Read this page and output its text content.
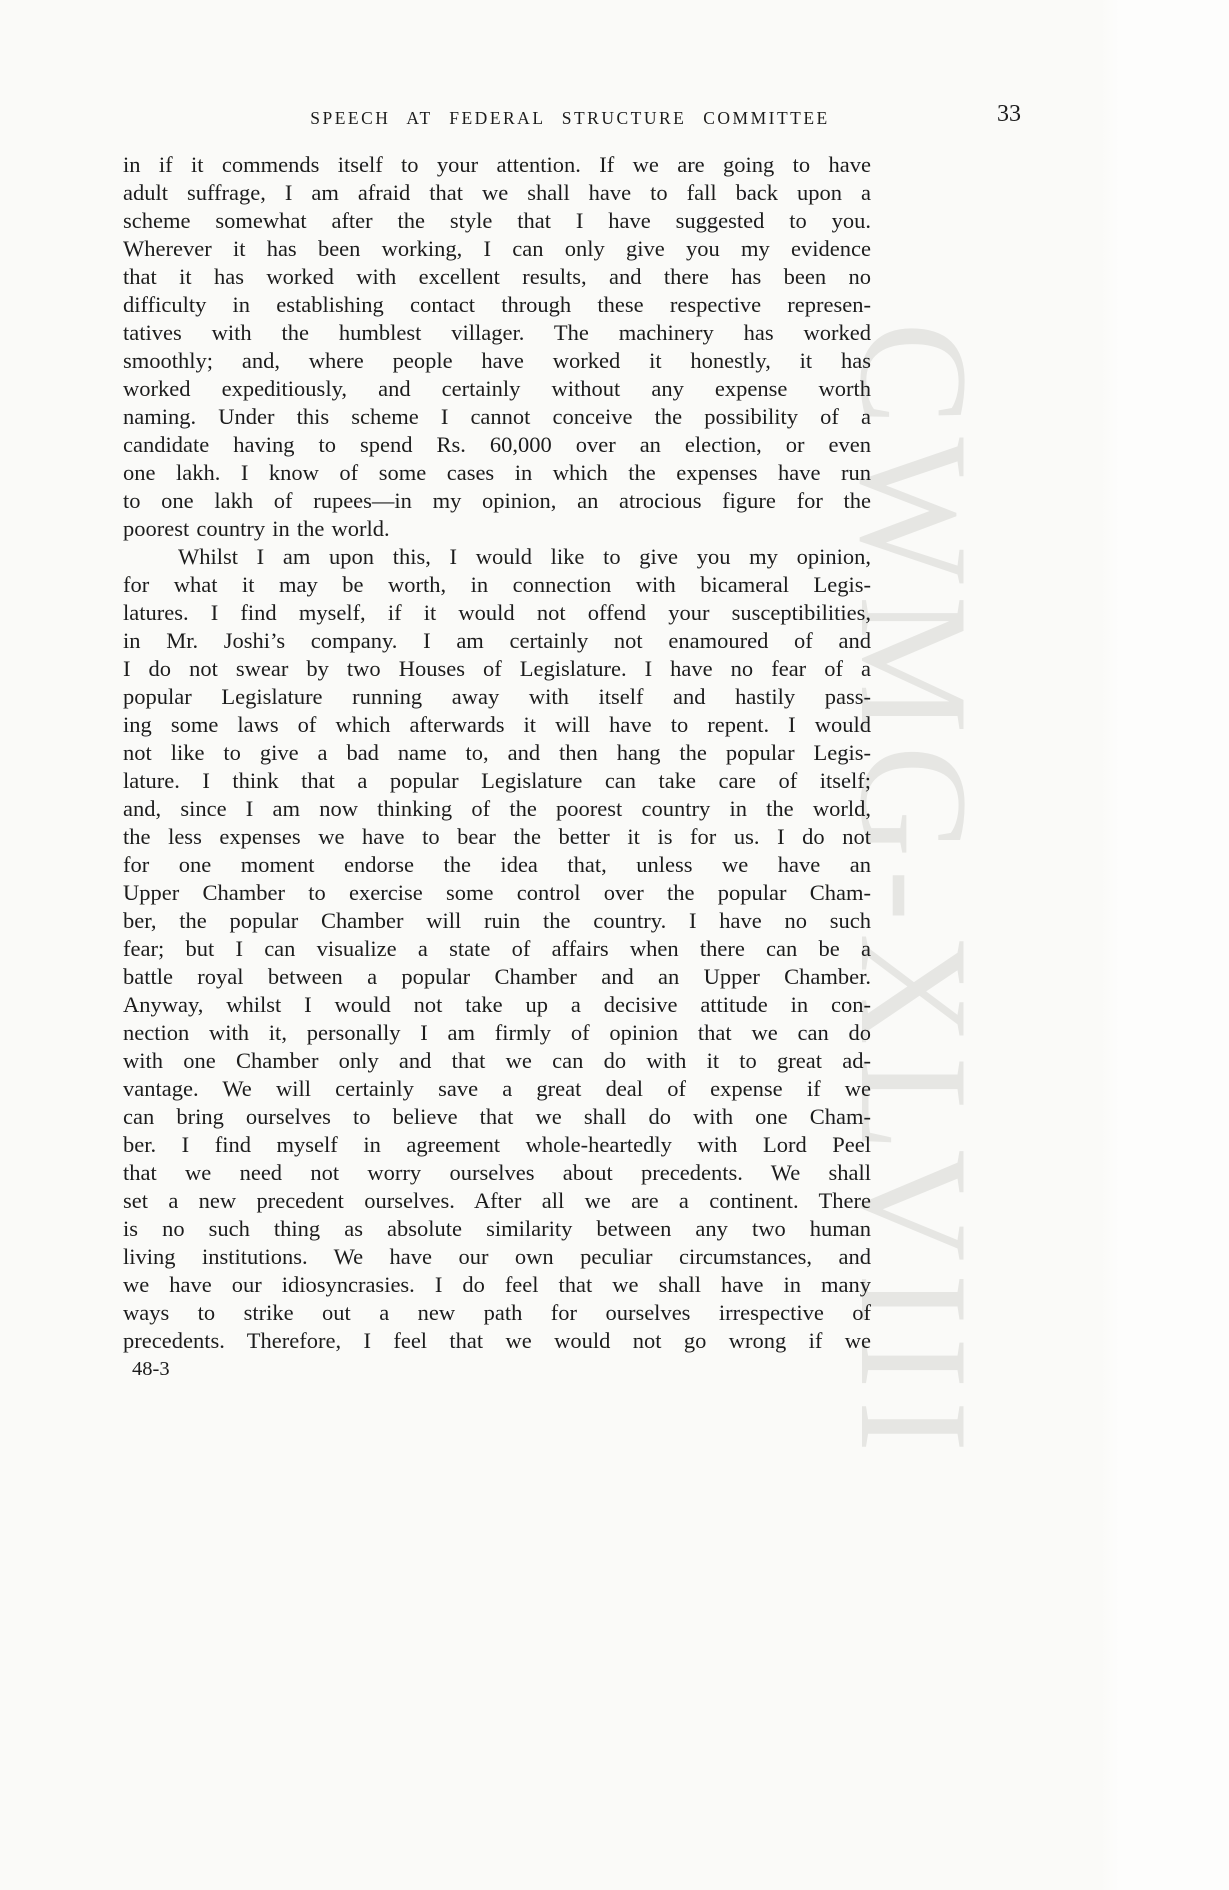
CWMG-XLVIII
SPEECH AT FEDERAL STRUCTURE COMMITTEE	33
in if it commends itself to your attention. If we are going to have
adult suffrage, I am afraid that we shall have to fall back upon a
scheme somewhat after the style that I have suggested to you.
Wherever it has been working, I can only give you my evidence
that it has worked with excellent results, and there has been no
difficulty in establishing contact through these respective represen-
tatives with the humblest villager. The machinery has worked
smoothly; and, where people have worked it honestly, it has
worked expeditiously, and certainly without any expense worth
naming. Under this scheme I cannot conceive the possibility of a
candidate having to spend Rs. 60,000 over an election, or even
one lakh. I know of some cases in which the expenses have run
to one lakh of rupees—in my opinion, an atrocious figure for the
poorest country in the world.
Whilst I am upon this, I would like to give you my opinion,
for what it may be worth, in connection with bicameral Legis-
latures. I find myself, if it would not offend your susceptibilities,
in Mr. Joshi’s company. I am certainly not enamoured of and
I do not swear by two Houses of Legislature. I have no fear of a
popular Legislature running away with itself and hastily pass-
ing some laws of which afterwards it will have to repent. I would
not like to give a bad name to, and then hang the popular Legis-
lature. I think that a popular Legislature can take care of itself;
and, since I am now thinking of the poorest country in the world,
the less expenses we have to bear the better it is for us. I do not
for one moment endorse the idea that, unless we have an
Upper Chamber to exercise some control over the popular Cham-
ber, the popular Chamber will ruin the country. I have no such
fear; but I can visualize a state of affairs when there can be a
battle royal between a popular Chamber and an Upper Chamber.
Anyway, whilst I would not take up a decisive attitude in con-
nection with it, personally I am firmly of opinion that we can do
with one Chamber only and that we can do with it to great ad-
vantage. We will certainly save a great deal of expense if we
can bring ourselves to believe that we shall do with one Cham-
ber. I find myself in agreement whole-heartedly with Lord Peel
that we need not worry ourselves about precedents. We shall
set a new precedent ourselves. After all we are a continent. There
is no such thing as absolute similarity between any two human
living institutions. We have our own peculiar circumstances, and
we have our idiosyncrasies. I do feel that we shall have in many
ways to strike out a new path for ourselves irrespective of
precedents. Therefore, I feel that we would not go wrong if we
48-3
